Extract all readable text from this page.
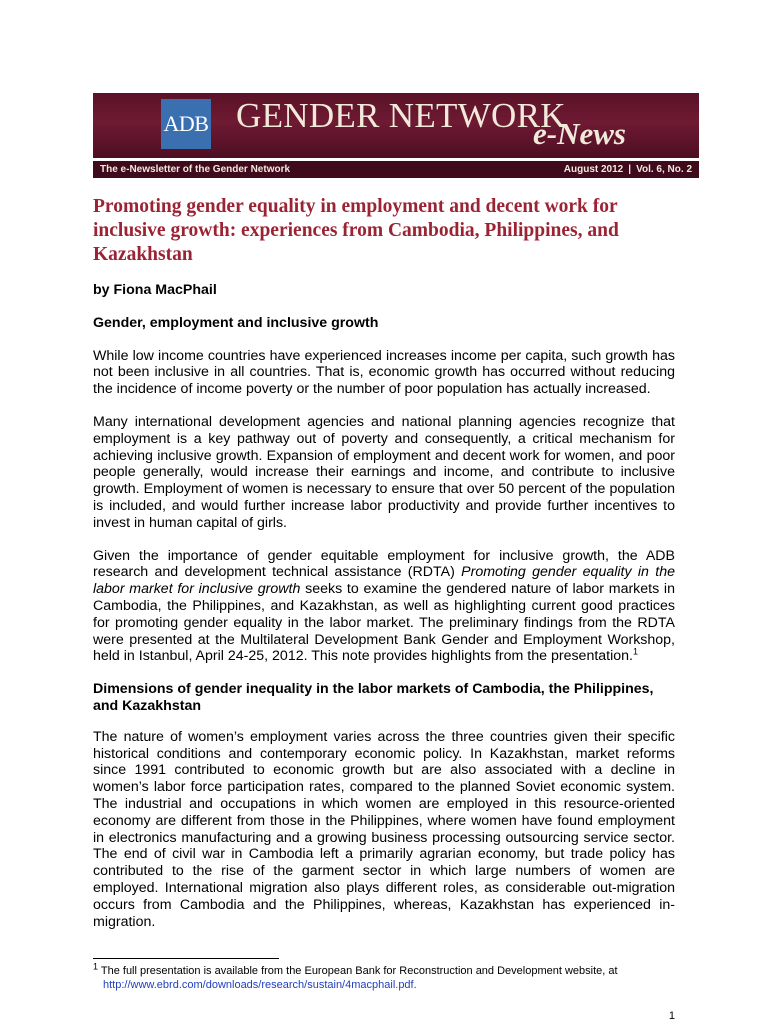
ADB GENDER NETWORK
e-News
The e-Newsletter of the Gender Network	August 2012 | Vol. 6, No. 2
Promoting gender equality in employment and decent work for inclusive growth: experiences from Cambodia, Philippines, and Kazakhstan
by Fiona MacPhail
Gender, employment and inclusive growth

While low income countries have experienced increases income per capita, such growth has not been inclusive in all countries. That is, economic growth has occurred without reducing the incidence of income poverty or the number of poor population has actually increased.

Many international development agencies and national planning agencies recognize that employment is a key pathway out of poverty and consequently, a critical mechanism for achieving inclusive growth. Expansion of employment and decent work for women, and poor people generally, would increase their earnings and income, and contribute to inclusive growth. Employment of women is necessary to ensure that over 50 percent of the population is included, and would further increase labor productivity and provide further incentives to invest in human capital of girls.

Given the importance of gender equitable employment for inclusive growth, the ADB research and development technical assistance (RDTA) Promoting gender equality in the labor market for inclusive growth seeks to examine the gendered nature of labor markets in Cambodia, the Philippines, and Kazakhstan, as well as highlighting current good practices for promoting gender equality in the labor market. The preliminary findings from the RDTA were presented at the Multilateral Development Bank Gender and Employment Workshop, held in Istanbul, April 24-25, 2012. This note provides highlights from the presentation.$^1$

Dimensions of gender inequality in the labor markets of Cambodia, the Philippines, and Kazakhstan

The nature of women’s employment varies across the three countries given their specific historical conditions and contemporary economic policy. In Kazakhstan, market reforms since 1991 contributed to economic growth but are also associated with a decline in women’s labor force participation rates, compared to the planned Soviet economic system. The industrial and occupations in which women are employed in this resource-oriented economy are different from those in the Philippines, where women have found employment in electronics manufacturing and a growing business processing outsourcing service sector. The end of civil war in Cambodia left a primarily agrarian economy, but trade policy has contributed to the rise of the garment sector in which large numbers of women are employed. International migration also plays different roles, as considerable out-migration occurs from Cambodia and the Philippines, whereas, Kazakhstan has experienced in-migration.

$^1$ The full presentation is available from the European Bank for Reconstruction and Development website, at
http://www.ebrd.com/downloads/research/sustain/4macphail.pdf.
1
